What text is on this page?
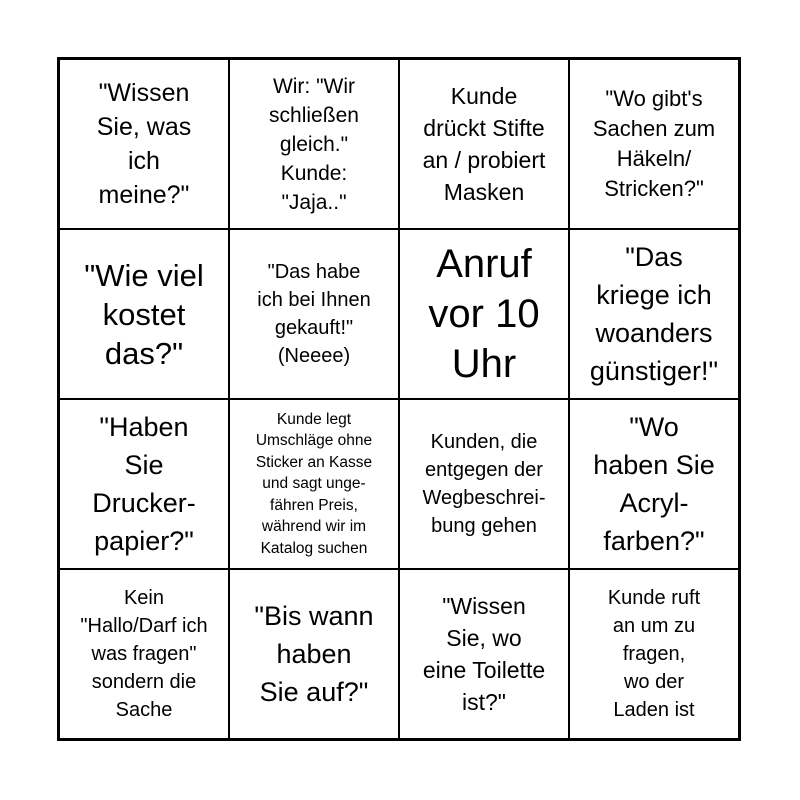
"Wissen
Sie, was
ich
meine?"
Wir: "Wir
schließen
gleich."
Kunde:
"Jaja.."
Kunde
drückt Stifte
an / probiert
Masken
"Wo gibt's
Sachen zum
Häkeln/
Stricken?"
"Wie viel
kostet
das?"
"Das habe
ich bei Ihnen
gekauft!"
(Neeee)
Anruf
vor 10
Uhr
"Das
kriege ich
woanders
günstiger!"
"Haben
Sie
Drucker-
papier?"
Kunde legt
Umschläge ohne
Sticker an Kasse
und sagt unge-
fähren Preis,
während wir im
Katalog suchen
Kunden, die
entgegen der
Wegbeschrei-
bung gehen
"Wo
haben Sie
Acryl-
farben?"
Kein
"Hallo/Darf ich
was fragen"
sondern die
Sache
"Bis wann
haben
Sie auf?"
"Wissen
Sie, wo
eine Toilette
ist?"
Kunde ruft
an um zu
fragen,
wo der
Laden ist
